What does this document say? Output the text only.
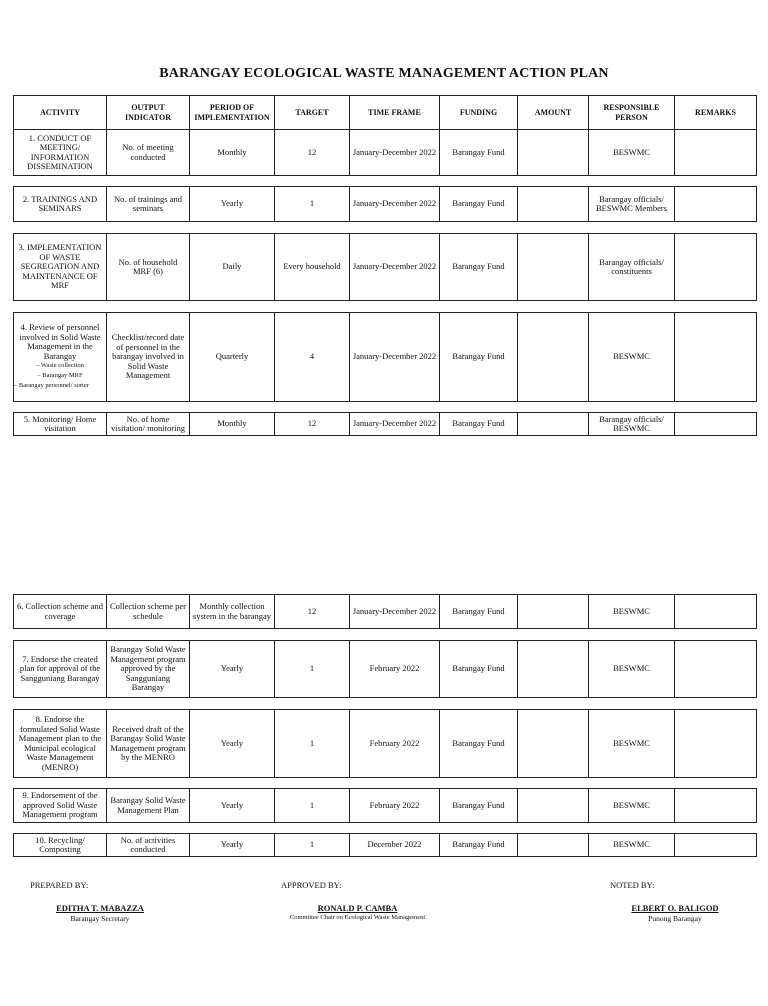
BARANGAY ECOLOGICAL WASTE MANAGEMENT ACTION PLAN
ACTIVITY	OUTPUT INDICATOR	PERIOD OF IMPLEMENTATION	TARGET	TIME FRAME	FUNDING	AMOUNT	RESPONSIBLE PERSON	REMARKS
1. CONDUCT OF MEETING/ INFORMATION DISSEMINATION	No. of meeting conducted	Monthly	12	January-December 2022	Barangay Fund		BESWMC	
2. TRAININGS AND SEMINARS	No. of trainings and seminars	Yearly	1	January-December 2022	Barangay Fund		Barangay officials/ BESWMC Members	
3. IMPLEMENTATION OF WASTE SEGREGATION AND MAINTENANCE OF MRF	No. of household MRF (6)	Daily	Every household	January-December 2022	Barangay Fund		Barangay officials/ constituents	
4. Review of personnel involved in Solid Waste Management in the Barangay
– Waste collection
– Barangay MRF
– Barangay personnel/ sorter
	Checklist/record date of personnel in the barangay involved in Solid Waste Management	Quarterly	4	January-December 2022	Barangay Fund		BESWMC	
5. Monitoring/ Home visitation	No. of home visitation/ monitoring	Monthly	12	January-December 2022	Barangay Fund		Barangay officials/ BESWMC	
6. Collection scheme and coverage	Collection scheme per schedule	Monthly collection system in the barangay	12	January-December 2022	Barangay Fund		BESWMC	
7. Endorse the created plan for approval of the Sangguniang Barangay	Barangay Solid Waste Management program approved by the Sangguniang Barangay	Yearly	1	February 2022	Barangay Fund		BESWMC	
8. Endorse the formulated Solid Waste Management plan to the Municipal ecological Waste Management (MENRO)	Received draft of the Barangay Solid Waste Management program by the MENRO	Yearly	1	February 2022	Barangay Fund		BESWMC	
9. Endorsement of the approved Solid Waste Management program	Barangay Solid Waste Management Plan	Yearly	1	February 2022	Barangay Fund		BESWMC	
10. Recycling/ Composting	No. of activities conducted	Yearly	1	December 2022	Barangay Fund		BESWMC	
PREPARED BY:	APPROVED BY:	NOTED BY:
EDITHA T. MABAZZA
Barangay Secretary
RONALD P. CAMBA
Committee Chair on Ecological Waste Management
ELBERT O. BALIGOD
Punong Barangay
